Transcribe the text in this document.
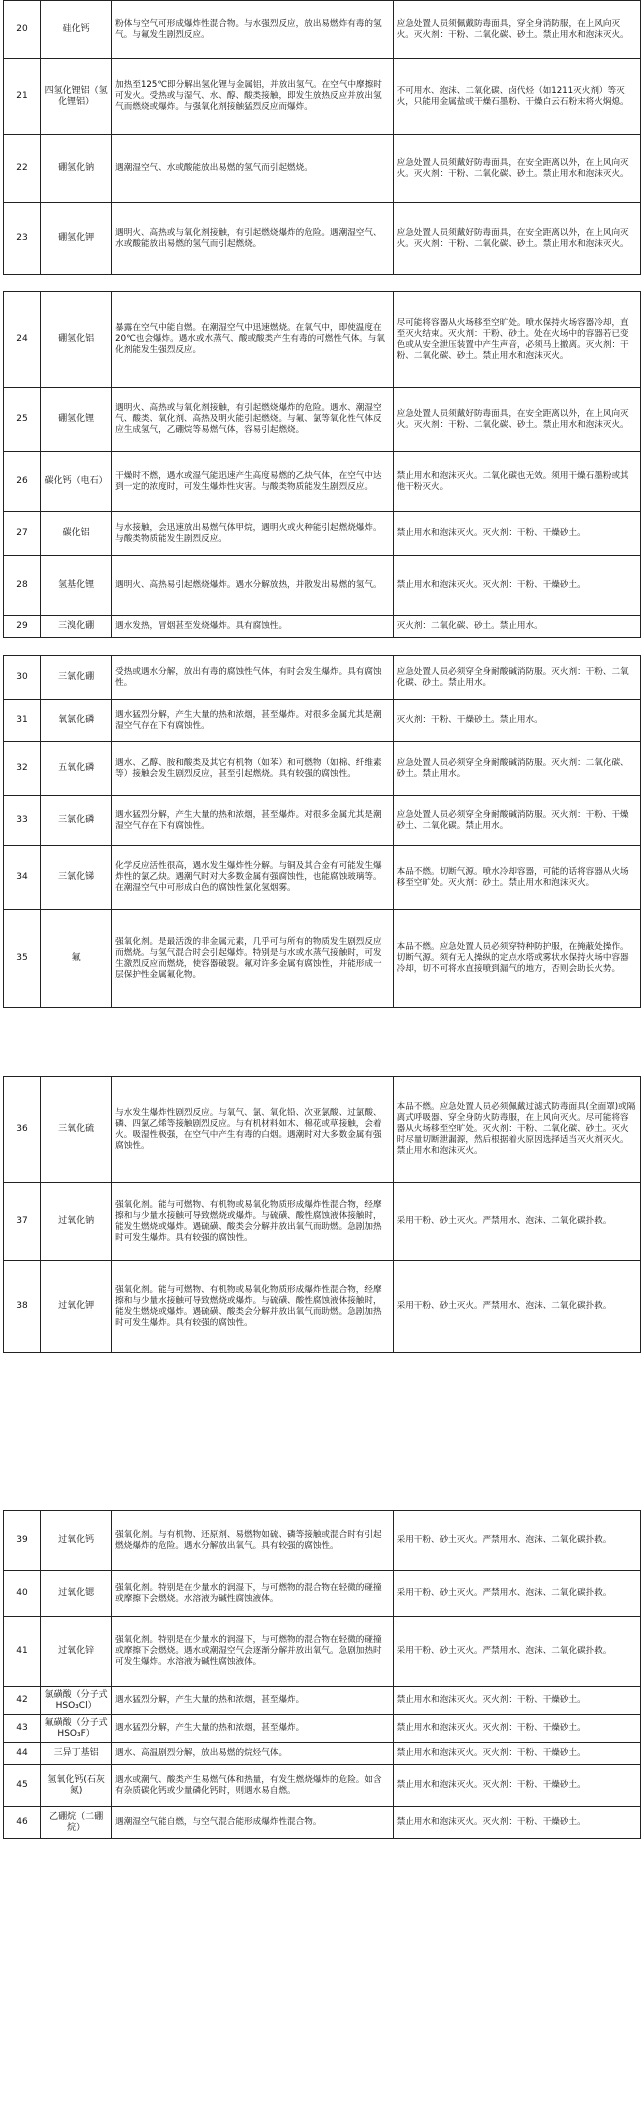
20	硅化钙	粉体与空气可形成爆炸性混合物。与水强烈反应，放出易燃炸有毒的氢气。与氟发生剧烈反应。	应急处置人员须佩戴防毒面具，穿全身消防服，在上风向灭火。灭火剂：干粉、二氧化碳、砂土。禁止用水和泡沫灭火。
21	四氢化锂铝（氢化锂铝）	加热至125℃即分解出氢化锂与金属铝，并放出氢气。在空气中摩擦时可发火。受热或与湿气、水、醇、酸类接触，即发生放热反应并放出氢气而燃烧或爆炸。与强氧化剂接触猛烈反应而爆炸。	不可用水、泡沫、二氧化碳、卤代烃（如1211灭火剂）等灭火，只能用金属盐或干燥石墨粉、干燥白云石粉末将火焖熄。
22	硼氢化钠	遇潮湿空气、水或酸能放出易燃的氢气而引起燃烧。	应急处置人员须戴好防毒面具，在安全距离以外，在上风向灭火。灭火剂：干粉、二氧化碳、砂土。禁止用水和泡沫灭火。
23	硼氢化钾	遇明火、高热或与氧化剂接触，有引起燃烧爆炸的危险。遇潮湿空气、水或酸能放出易燃的氢气而引起燃烧。	应急处置人员须戴好防毒面具，在安全距离以外，在上风向灭火。灭火剂：干粉、二氧化碳、砂土。禁止用水和泡沫灭火。
24	硼氢化铝	暴露在空气中能自燃。在潮湿空气中迅速燃烧。在氧气中，即使温度在20℃也会爆炸。遇水或水蒸气、酸或酸类产生有毒的可燃性气体。与氧化剂能发生强烈反应。	尽可能将容器从火场移至空旷处。喷水保持火场容器冷却，直至灭火结束。灭火剂：干粉、砂土。处在火场中的容器若已变色或从安全泄压装置中产生声音，必须马上撤离。灭火剂：干粉、二氧化碳、砂土。禁止用水和泡沫灭火。
25	硼氢化锂	遇明火、高热或与氧化剂接触，有引起燃烧爆炸的危险。遇水、潮湿空气、酸类、氧化剂、高热及明火能引起燃烧。与氟、氯等氧化性气体反应生成氢气，乙硼烷等易燃气体，容易引起燃烧。	应急处置人员须戴好防毒面具，在安全距离以外，在上风向灭火。灭火剂：干粉、二氧化碳、砂土。禁止用水和泡沫灭火。
26	碳化钙（电石）	干燥时不燃，遇水或湿气能迅速产生高度易燃的乙炔气体，在空气中达到一定的浓度时，可发生爆炸性灾害。与酸类物质能发生剧烈反应。	禁止用水和泡沫灭火。二氧化碳也无效。须用干燥石墨粉或其他干粉灭火。
27	碳化铝	与水接触，会迅速放出易燃气体甲烷，遇明火或火种能引起燃烧爆炸。与酸类物质能发生剧烈反应。	禁止用水和泡沫灭火。灭火剂：干粉、干燥砂土。
28	氢基化锂	遇明火、高热易引起燃烧爆炸。遇水分解放热，并散发出易燃的氢气。	禁止用水和泡沫灭火。灭火剂：干粉、干燥砂土。
29	三溴化硼	遇水发热，冒烟甚至发烧爆炸。具有腐蚀性。	灭火剂：二氧化碳、砂土。禁止用水。
30	三氯化硼	受热或遇水分解，放出有毒的腐蚀性气体，有时会发生爆炸。具有腐蚀性。	应急处置人员必须穿全身耐酸碱消防服。灭火剂：干粉、二氧化碳、砂土。禁止用水。
31	氧氯化磷	遇水猛烈分解，产生大量的热和浓烟，甚至爆炸。对很多金属尤其是潮湿空气存在下有腐蚀性。	灭火剂：干粉、干燥砂土。禁止用水。
32	五氧化磷	遇水、乙醇、胺和酸类及其它有机物（如苯）和可燃物（如棉、纤维素等）接触会发生剧烈反应，甚至引起燃烧。具有较强的腐蚀性。	应急处置人员必须穿全身耐酸碱消防服。灭火剂：二氧化碳、砂土。禁止用水。
33	三氯化磷	遇水猛烈分解，产生大量的热和浓烟，甚至爆炸。对很多金属尤其是潮湿空气存在下有腐蚀性。	应急处置人员必须穿全身耐酸碱消防服。灭火剂：干粉、干燥砂土、二氧化碳。禁止用水。
34	三氯化锑	化学反应活性很高，遇水发生爆炸性分解。与铜及其合金有可能发生爆炸性的氯乙炔。遇潮气时对大多数金属有强腐蚀性，也能腐蚀玻璃等。在潮湿空气中可形成白色的腐蚀性氯化氢烟雾。	本品不燃。切断气源。喷水冷却容器，可能的话将容器从火场移至空旷处。灭火剂：砂土。禁止用水和泡沫灭火。
35	氟	强氧化剂。是最活泼的非金属元素，几乎可与所有的物质发生剧烈反应而燃烧。与氢气混合时会引起爆炸。特别是与水或水蒸气接触时，可发生激烈反应而燃烧，使容器破裂。氟对许多金属有腐蚀性，并能形成一层保护性金属氟化物。	本品不燃。应急处置人员必须穿特种防护服，在掩蔽处操作。切断气源。须有无人操纵的定点水塔或雾状水保持火场中容器冷却，切不可将水直接喷到漏气的地方，否则会助长火势。
36	三氧化硫	与水发生爆炸性剧烈反应。与氧气、氯、氧化铅、次亚氯酸、过氯酸、磷、四氯乙烯等接触剧烈反应。与有机材料如木、棉花或草接触，会着火。吸湿性极强，在空气中产生有毒的白烟。遇潮时对大多数金属有强腐蚀性。	本品不燃。应急处置人员必须佩戴过滤式防毒面具(全面罩)或隔离式呼吸器、穿全身防火防毒服，在上风向灭火。尽可能将容器从火场移至空旷处。灭火剂：干粉、二氧化碳、砂土。灭火时尽量切断泄漏源，然后根据着火原因选择适当灭火剂灭火。禁止用水和泡沫灭火。
37	过氧化钠	强氧化剂。能与可燃物、有机物或易氧化物质形成爆炸性混合物，经摩擦和与少量水接触可导致燃烧或爆炸。与硫磺、酸性腐蚀液体接触时，能发生燃烧或爆炸。遇硫磺、酸类会分解并放出氧气而助燃。急剧加热时可发生爆炸。具有较强的腐蚀性。	采用干粉、砂土灭火。严禁用水、泡沫、二氧化碳扑救。
38	过氧化钾	强氧化剂。能与可燃物、有机物或易氧化物质形成爆炸性混合物，经摩擦和与少量水接触可导致燃烧或爆炸。与硫磺、酸性腐蚀液体接触时，能发生燃烧或爆炸。遇硫磺、酸类会分解并放出氧气而助燃。急剧加热时可发生爆炸。具有较强的腐蚀性。	采用干粉、砂土灭火。严禁用水、泡沫、二氧化碳扑救。
39	过氧化钙	强氧化剂。与有机物、还原剂、易燃物如硫、磷等接触或混合时有引起燃烧爆炸的危险。遇水分解放出氧气。具有较强的腐蚀性。	采用干粉、砂土灭火。严禁用水、泡沫、二氧化碳扑救。
40	过氧化锶	强氧化剂。特别是在少量水的润湿下，与可燃物的混合物在轻微的碰撞或摩擦下会燃烧。水溶液为碱性腐蚀液体。	采用干粉、砂土灭火。严禁用水、泡沫、二氧化碳扑救。
41	过氧化锌	强氧化剂。特别是在少量水的润湿下，与可燃物的混合物在轻微的碰撞或摩擦下会燃烧。遇水或潮湿空气会逐渐分解并放出氧气。急剧加热时可发生爆炸。水溶液为碱性腐蚀液体。	采用干粉、砂土灭火。严禁用水、泡沫、二氧化碳扑救。
42	氯磺酸（分子式HSO₃Cl）	遇水猛烈分解，产生大量的热和浓烟，甚至爆炸。	禁止用水和泡沫灭火。灭火剂：干粉、干燥砂土。
43	氟磺酸（分子式HSO₃F）	遇水猛烈分解，产生大量的热和浓烟，甚至爆炸。	禁止用水和泡沫灭火。灭火剂：干粉、干燥砂土。
44	三异丁基铝	遇水、高温剧烈分解，放出易燃的烷烃气体。	禁止用水和泡沫灭火。灭火剂：干粉、干燥砂土。
45	氢氧化钙(石灰氮)	遇水或潮气、酸类产生易燃气体和热量，有发生燃烧爆炸的危险。如含有杂质碳化钙或少量磷化钙时，则遇水易自燃。	禁止用水和泡沫灭火。灭火剂：干粉、干燥砂土。
46	乙硼烷（二硼烷）	遇潮湿空气能自燃，与空气混合能形成爆炸性混合物。	禁止用水和泡沫灭火。灭火剂：干粉、干燥砂土。
